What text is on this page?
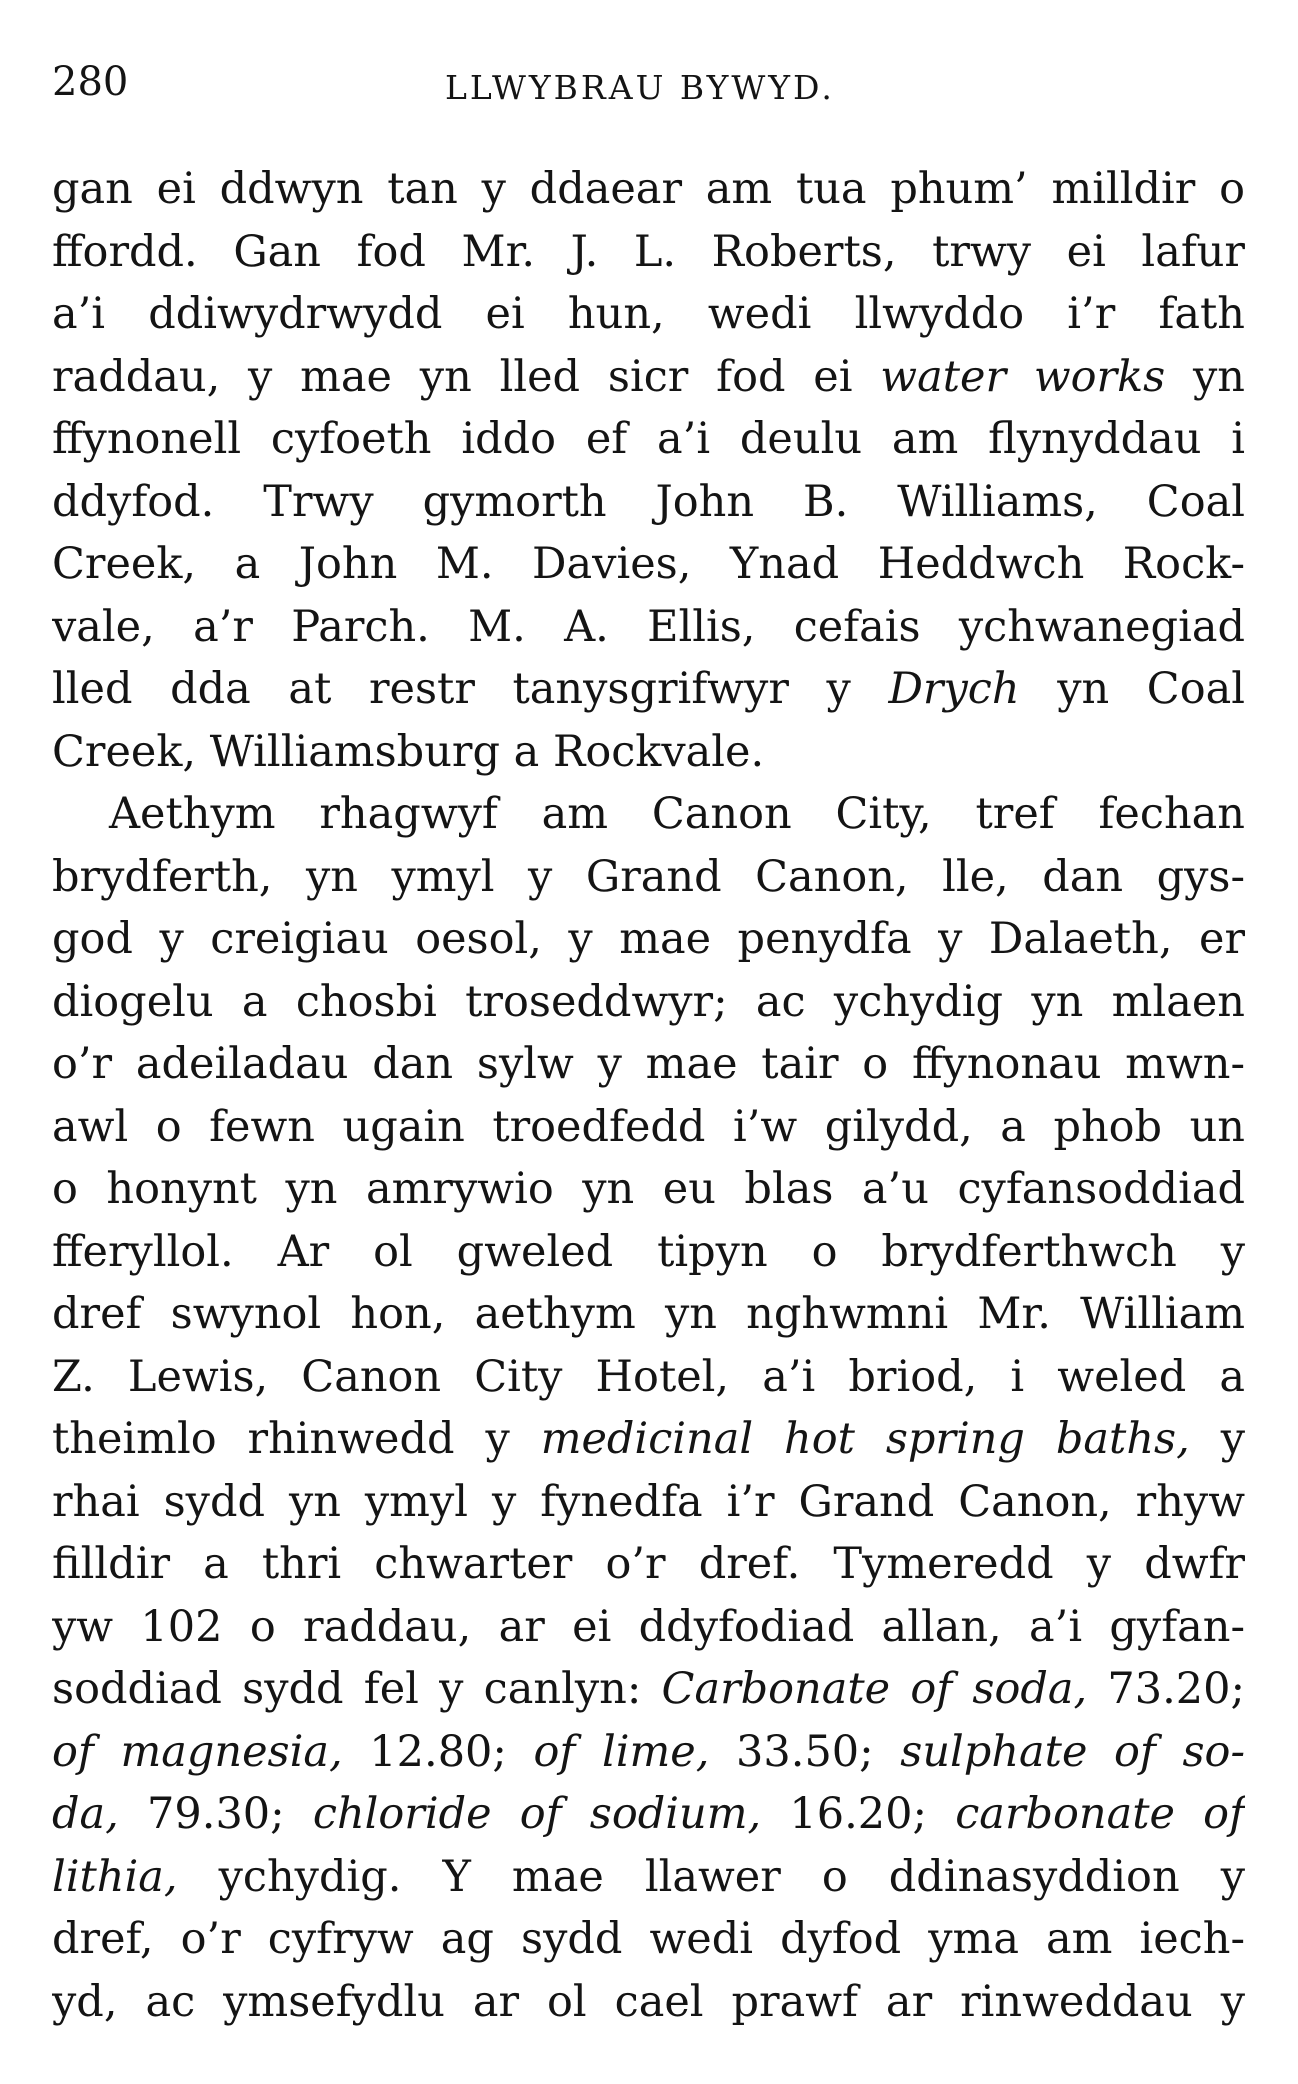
280	LLWYBRAU BYWYD.
gan ei ddwyn tan y ddaear am tua phum’ milldir o
ffordd. Gan fod Mr. J. L. Roberts, trwy ei lafur
a’i ddiwydrwydd ei hun, wedi llwyddo i’r fath
raddau, y mae yn lled sicr fod ei water works yn
ffynonell cyfoeth iddo ef a’i deulu am flynyddau i
ddyfod. Trwy gymorth John B. Williams, Coal
Creek, a John M. Davies, Ynad Heddwch Rock-
vale, a’r Parch. M. A. Ellis, cefais ychwanegiad
lled dda at restr tanysgrifwyr y Drych yn Coal
Creek, Williamsburg a Rockvale.
Aethym rhagwyf am Canon City, tref fechan
brydferth, yn ymyl y Grand Canon, lle, dan gys-
god y creigiau oesol, y mae penydfa y Dalaeth, er
diogelu a chosbi troseddwyr; ac ychydig yn mlaen
o’r adeiladau dan sylw y mae tair o ffynonau mwn-
awl o fewn ugain troedfedd i’w gilydd, a phob un
o honynt yn amrywio yn eu blas a’u cyfansoddiad
fferyllol. Ar ol gweled tipyn o brydferthwch y
dref swynol hon, aethym yn nghwmni Mr. William
Z. Lewis, Canon City Hotel, a’i briod, i weled a
theimlo rhinwedd y medicinal hot spring baths, y
rhai sydd yn ymyl y fynedfa i’r Grand Canon, rhyw
filldir a thri chwarter o’r dref. Tymeredd y dwfr
yw 102 o raddau, ar ei ddyfodiad allan, a’i gyfan-
soddiad sydd fel y canlyn: Carbonate of soda, 73.20;
of magnesia, 12.80; of lime, 33.50; sulphate of so-
da, 79.30; chloride of sodium, 16.20; carbonate of
lithia, ychydig. Y mae llawer o ddinasyddion y
dref, o’r cyfryw ag sydd wedi dyfod yma am iech-
yd, ac ymsefydlu ar ol cael prawf ar rinweddau y
